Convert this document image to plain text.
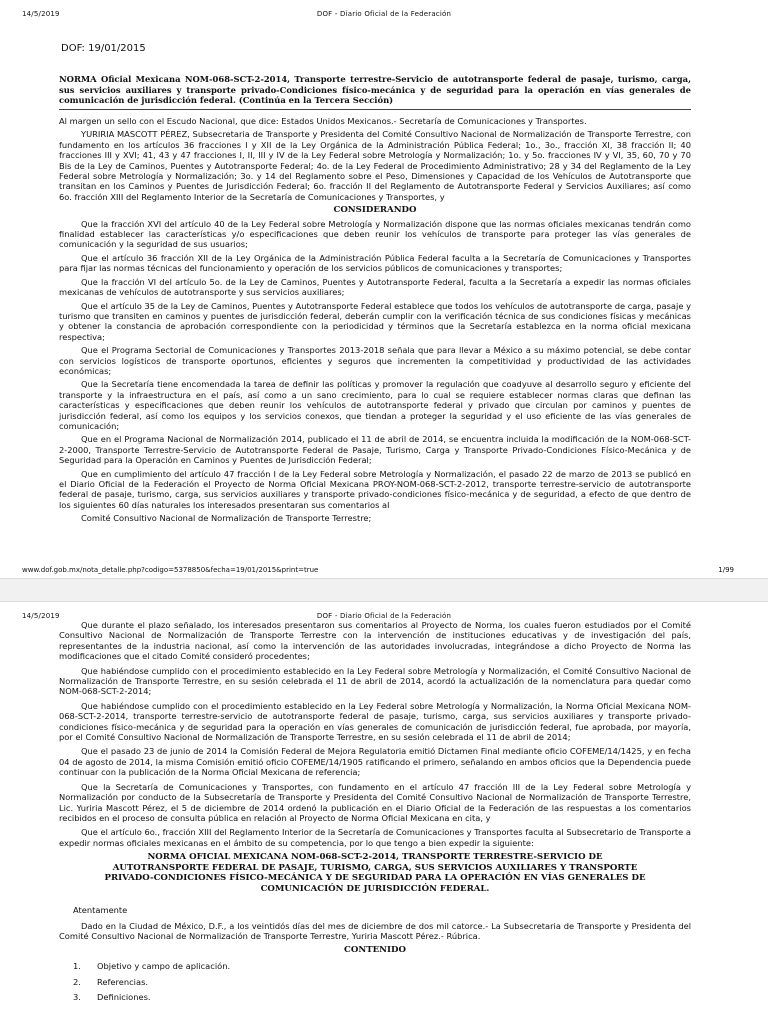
14/5/2019	DOF - Diario Oficial de la Federación
DOF: 19/01/2015
NORMA Oficial Mexicana NOM-068-SCT-2-2014, Transporte terrestre-Servicio de autotransporte federal de pasaje, turismo, carga, sus servicios auxiliares y transporte privado-Condiciones físico-mecánica y de seguridad para la operación en vías generales de comunicación de jurisdicción federal. (Continúa en la Tercera Sección)
Al margen un sello con el Escudo Nacional, que dice: Estados Unidos Mexicanos.- Secretaría de Comunicaciones y Transportes.
YURIRIA MASCOTT PÉREZ, Subsecretaria de Transporte y Presidenta del Comité Consultivo Nacional de Normalización de Transporte Terrestre, con fundamento en los artículos 36 fracciones I y XII de la Ley Orgánica de la Administración Pública Federal; 1o., 3o., fracción XI, 38 fracción II; 40 fracciones III y XVI; 41, 43 y 47 fracciones I, II, III y IV de la Ley Federal sobre Metrología y Normalización; 1o. y 5o. fracciones IV y VI, 35, 60, 70 y 70 Bis de la Ley de Caminos, Puentes y Autotransporte Federal; 4o. de la Ley Federal de Procedimiento Administrativo; 28 y 34 del Reglamento de la Ley Federal sobre Metrología y Normalización; 3o. y 14 del Reglamento sobre el Peso, Dimensiones y Capacidad de los Vehículos de Autotransporte que transitan en los Caminos y Puentes de Jurisdicción Federal; 6o. fracción II del Reglamento de Autotransporte Federal y Servicios Auxiliares; así como 6o. fracción XIII del Reglamento Interior de la Secretaría de Comunicaciones y Transportes, y
CONSIDERANDO
Que la fracción XVI del artículo 40 de la Ley Federal sobre Metrología y Normalización dispone que las normas oficiales mexicanas tendrán como finalidad establecer las características y/o especificaciones que deben reunir los vehículos de transporte para proteger las vías generales de comunicación y la seguridad de sus usuarios;
Que el artículo 36 fracción XII de la Ley Orgánica de la Administración Pública Federal faculta a la Secretaría de Comunicaciones y Transportes para fijar las normas técnicas del funcionamiento y operación de los servicios públicos de comunicaciones y transportes;
Que la fracción VI del artículo 5o. de la Ley de Caminos, Puentes y Autotransporte Federal, faculta a la Secretaría a expedir las normas oficiales mexicanas de vehículos de autotransporte y sus servicios auxiliares;
Que el artículo 35 de la Ley de Caminos, Puentes y Autotransporte Federal establece que todos los vehículos de autotransporte de carga, pasaje y turismo que transiten en caminos y puentes de jurisdicción federal, deberán cumplir con la verificación técnica de sus condiciones físicas y mecánicas y obtener la constancia de aprobación correspondiente con la periodicidad y términos que la Secretaría establezca en la norma oficial mexicana respectiva;
Que el Programa Sectorial de Comunicaciones y Transportes 2013-2018 señala que para llevar a México a su máximo potencial, se debe contar con servicios logísticos de transporte oportunos, eficientes y seguros que incrementen la competitividad y productividad de las actividades económicas;
Que la Secretaría tiene encomendada la tarea de definir las políticas y promover la regulación que coadyuve al desarrollo seguro y eficiente del transporte y la infraestructura en el país, así como a un sano crecimiento, para lo cual se requiere establecer normas claras que definan las características y especificaciones que deben reunir los vehículos de autotransporte federal y privado que circulan por caminos y puentes de jurisdicción federal, así como los equipos y los servicios conexos, que tiendan a proteger la seguridad y el uso eficiente de las vías generales de comunicación;
Que en el Programa Nacional de Normalización 2014, publicado el 11 de abril de 2014, se encuentra incluida la modificación de la NOM-068-SCT-2-2000, Transporte Terrestre-Servicio de Autotransporte Federal de Pasaje, Turismo, Carga y Transporte Privado-Condiciones Físico-Mecánica y de Seguridad para la Operación en Caminos y Puentes de Jurisdicción Federal;
Que en cumplimiento del artículo 47 fracción I de la Ley Federal sobre Metrología y Normalización, el pasado 22 de marzo de 2013 se publicó en el Diario Oficial de la Federación el Proyecto de Norma Oficial Mexicana PROY-NOM-068-SCT-2-2012, transporte terrestre-servicio de autotransporte federal de pasaje, turismo, carga, sus servicios auxiliares y transporte privado-condiciones físico-mecánica y de seguridad, a efecto de que dentro de los siguientes 60 días naturales los interesados presentaran sus comentarios al
Comité Consultivo Nacional de Normalización de Transporte Terrestre;
www.dof.gob.mx/nota_detalle.php?codigo=5378850&fecha=19/01/2015&print=true	1/99
14/5/2019	DOF - Diario Oficial de la Federación
Que durante el plazo señalado, los interesados presentaron sus comentarios al Proyecto de Norma, los cuales fueron estudiados por el Comité Consultivo Nacional de Normalización de Transporte Terrestre con la intervención de instituciones educativas y de investigación del país, representantes de la industria nacional, así como la intervención de las autoridades involucradas, integrándose a dicho Proyecto de Norma las modificaciones que el citado Comité consideró procedentes;
Que habiéndose cumplido con el procedimiento establecido en la Ley Federal sobre Metrología y Normalización, el Comité Consultivo Nacional de Normalización de Transporte Terrestre, en su sesión celebrada el 11 de abril de 2014, acordó la actualización de la nomenclatura para quedar como NOM-068-SCT-2-2014;
Que habiéndose cumplido con el procedimiento establecido en la Ley Federal sobre Metrología y Normalización, la Norma Oficial Mexicana NOM-068-SCT-2-2014, transporte terrestre-servicio de autotransporte federal de pasaje, turismo, carga, sus servicios auxiliares y transporte privado-condiciones físico-mecánica y de seguridad para la operación en vías generales de comunicación de jurisdicción federal, fue aprobada, por mayoría, por el Comité Consultivo Nacional de Normalización de Transporte Terrestre, en su sesión celebrada el 11 de abril de 2014;
Que el pasado 23 de junio de 2014 la Comisión Federal de Mejora Regulatoria emitió Dictamen Final mediante oficio COFEME/14/1425, y en fecha 04 de agosto de 2014, la misma Comisión emitió oficio COFEME/14/1905 ratificando el primero, señalando en ambos oficios que la Dependencia puede continuar con la publicación de la Norma Oficial Mexicana de referencia;
Que la Secretaría de Comunicaciones y Transportes, con fundamento en el artículo 47 fracción III de la Ley Federal sobre Metrología y Normalización por conducto de la Subsecretaría de Transporte y Presidenta del Comité Consultivo Nacional de Normalización de Transporte Terrestre, Lic. Yuriria Mascott Pérez, el 5 de diciembre de 2014 ordenó la publicación en el Diario Oficial de la Federación de las respuestas a los comentarios recibidos en el proceso de consulta pública en relación al Proyecto de Norma Oficial Mexicana en cita, y
Que el artículo 6o., fracción XIII del Reglamento Interior de la Secretaría de Comunicaciones y Transportes faculta al Subsecretario de Transporte a expedir normas oficiales mexicanas en el ámbito de su competencia, por lo que tengo a bien expedir la siguiente:
NORMA OFICIAL MEXICANA NOM-068-SCT-2-2014, TRANSPORTE TERRESTRE-SERVICIO DE AUTOTRANSPORTE FEDERAL DE PASAJE, TURISMO, CARGA, SUS SERVICIOS AUXILIARES Y TRANSPORTE PRIVADO-CONDICIONES FÍSICO-MECÁNICA Y DE SEGURIDAD PARA LA OPERACIÓN EN VÍAS GENERALES DE COMUNICACIÓN DE JURISDICCIÓN FEDERAL.
Atentamente
Dado en la Ciudad de México, D.F., a los veintidós días del mes de diciembre de dos mil catorce.- La Subsecretaria de Transporte y Presidenta del Comité Consultivo Nacional de Normalización de Transporte Terrestre, Yuriria Mascott Pérez.- Rúbrica.
CONTENIDO
1. Objetivo y campo de aplicación.
2. Referencias.
3. Definiciones.
